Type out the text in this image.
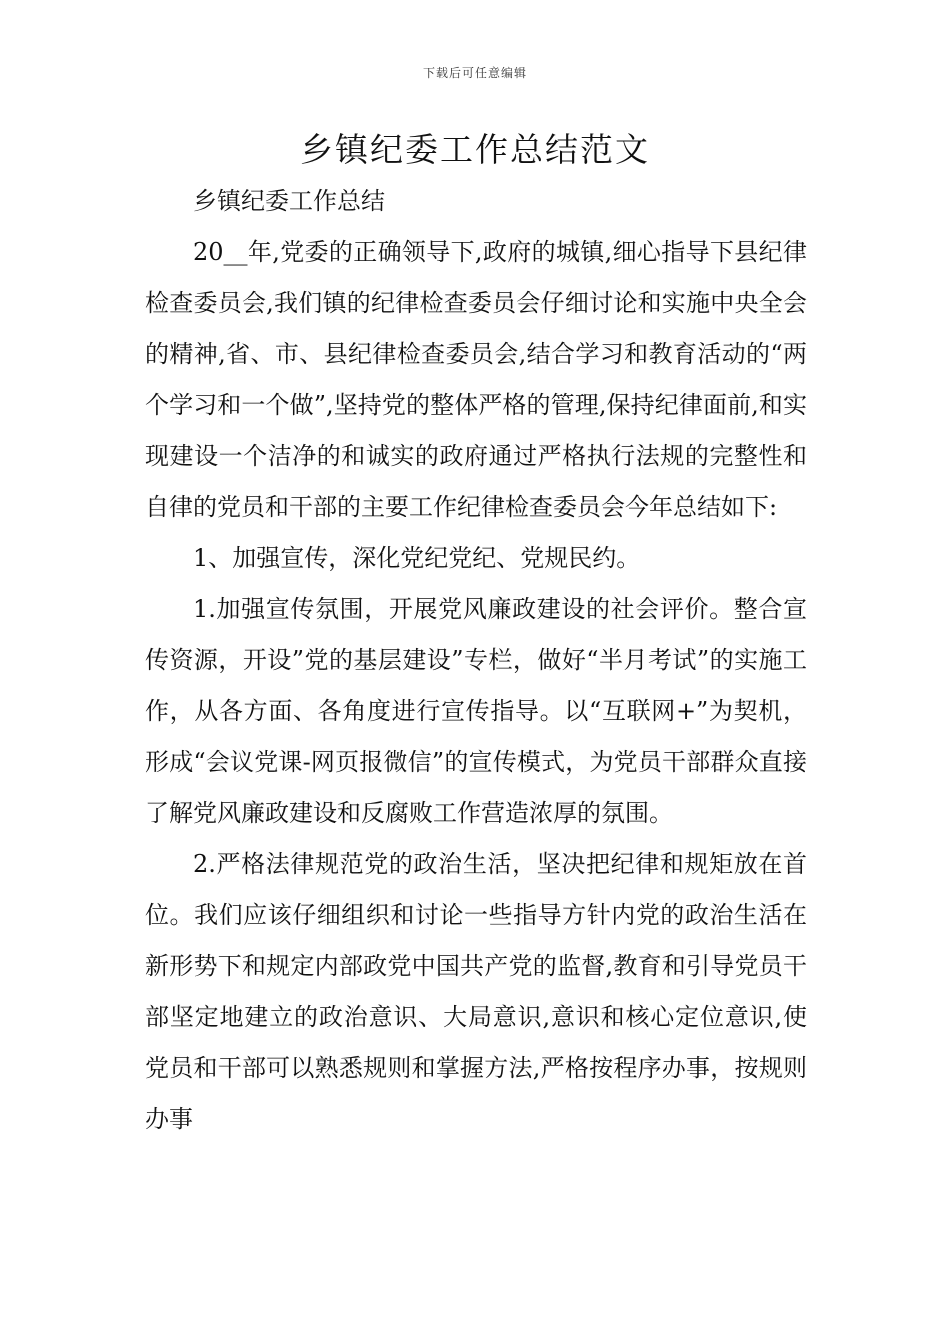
下载后可任意编辑
乡镇纪委工作总结范文

乡镇纪委工作总结

20__年,党委的正确领导下,政府的城镇,细心指导下县纪律检查委员会,我们镇的纪律检查委员会仔细讨论和实施中央全会的精神,省、市、县纪律检查委员会,结合学习和教育活动的“两个学习和一个做”,坚持党的整体严格的管理,保持纪律面前,和实现建设一个洁净的和诚实的政府通过严格执行法规的完整性和自律的党员和干部的主要工作纪律检查委员会今年总结如下:

1、加强宣传，深化党纪党纪、党规民约。

1.加强宣传氛围，开展党风廉政建设的社会评价。整合宣传资源，开设”党的基层建设”专栏，做好“半月考试”的实施工作，从各方面、各角度进行宣传指导。以“互联网+”为契机，形成“会议党课-网页报微信”的宣传模式，为党员干部群众直接了解党风廉政建设和反腐败工作营造浓厚的氛围。

2.严格法律规范党的政治生活，坚决把纪律和规矩放在首位。我们应该仔细组织和讨论一些指导方针内党的政治生活在新形势下和规定内部政党中国共产党的监督,教育和引导党员干部坚定地建立的政治意识、大局意识,意识和核心定位意识,使党员和干部可以熟悉规则和掌握方法,严格按程序办事，按规则办事
